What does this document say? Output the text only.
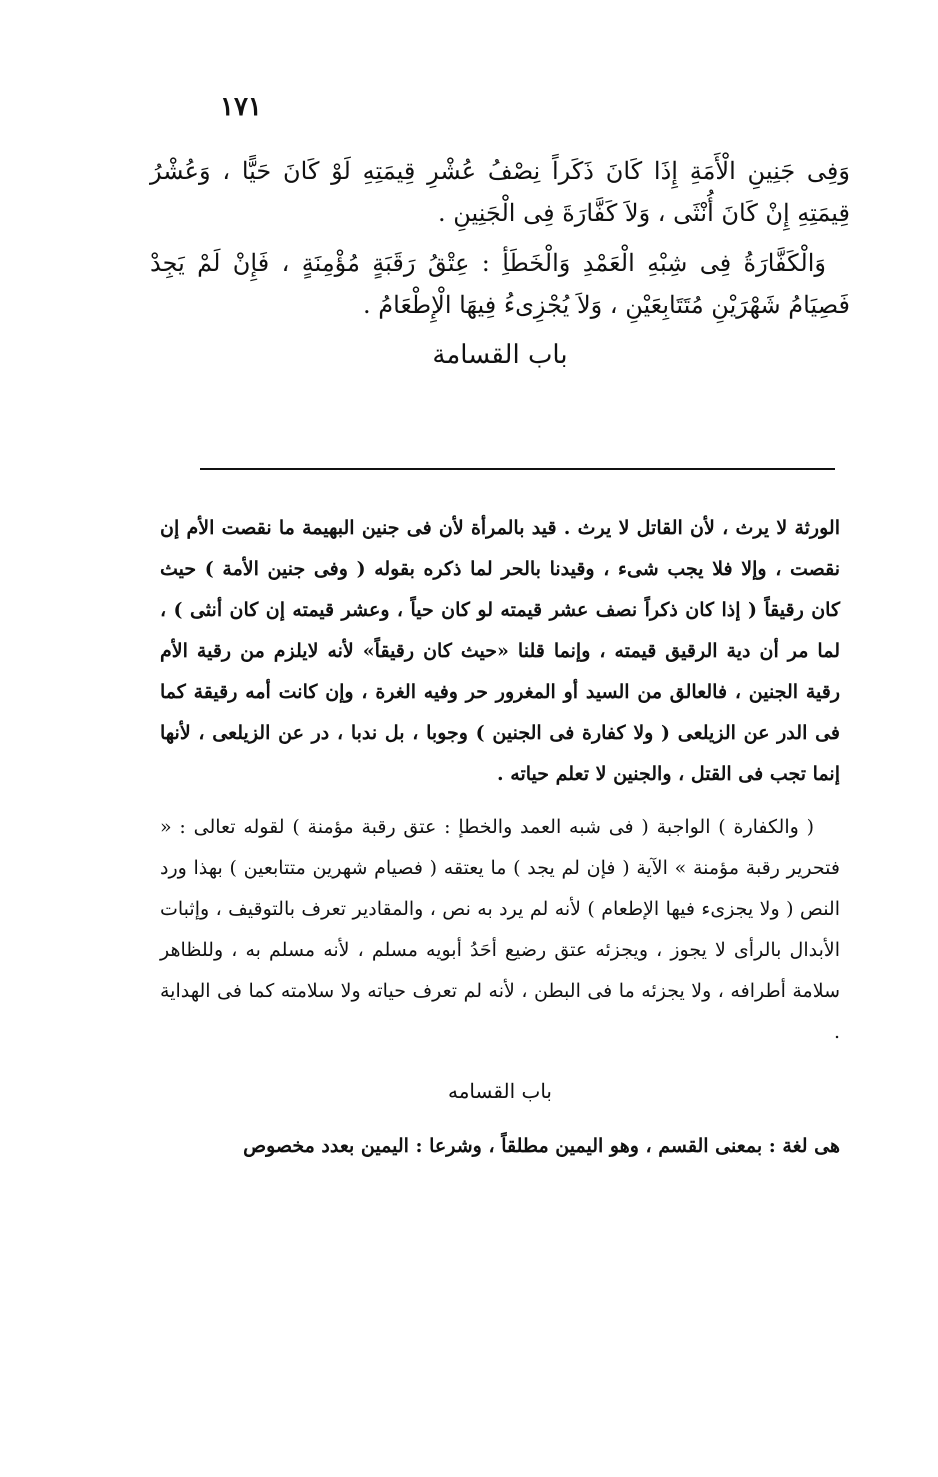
١٧١

وَفِى جَنِينِ الْأَمَةِ إِذَا كَانَ ذَكَراً نِصْفُ عُشْرِ قِيمَتِهِ لَوْ كَانَ حَيًّا ، وَعُشْرُ قِيمَتِهِ إِنْ كَانَ أُنْثَى ، وَلاَ كَفَّارَةَ فِى الْجَنِينِ .

وَالْكَفَّارَةُ فِى شِبْهِ الْعَمْدِ وَالْخَطَأِ : عِتْقُ رَقَبَةٍ مُؤْمِنَةٍ ، فَإِنْ لَمْ يَجِدْ فَصِيَامُ شَهْرَيْنِ مُتَتَابِعَيْنِ ، وَلاَ يُجْزِىءُ فِيهَا الْإِطْعَامُ .

باب القسامة

الورثة لا يرث ، لأن القاتل لا يرث . قيد بالمرأة لأن فى جنين البهيمة ما نقصت الأم إن نقصت ، وإلا فلا يجب شىء ، وقيدنا بالحر لما ذكره بقوله ( وفى جنين الأمة ) حيث كان رقيقاً ( إذا كان ذكراً نصف عشر قيمته لو كان حياً ، وعشر قيمته إن كان أنثى ) ، لما مر أن دية الرقيق قيمته ، وإنما قلنا «حيث كان رقيقاً» لأنه لايلزم من رقية الأم رقية الجنين ، فالعالق من السيد أو المغرور حر وفيه الغرة ، وإن كانت أمه رقيقة كما فى الدر عن الزيلعى ( ولا كفارة فى الجنين ) وجوبا ، بل ندبا ، در عن الزيلعى ، لأنها إنما تجب فى القتل ، والجنين لا تعلم حياته .

( والكفارة ) الواجبة ( فى شبه العمد والخطإ : عتق رقبة مؤمنة ) لقوله تعالى : « فتحرير رقبة مؤمنة » الآية ( فإن لم يجد ) ما يعتقه ( فصيام شهرين متتابعين ) بهذا ورد النص ( ولا يجزىء فيها الإطعام ) لأنه لم يرد به نص ، والمقادير تعرف بالتوقيف ، وإثبات الأبدال بالرأى لا يجوز ، ويجزئه عتق رضيع أحَدُ أبويه مسلم ، لأنه مسلم به ، وللظاهر سلامة أطرافه ، ولا يجزئه ما فى البطن ، لأنه لم تعرف حياته ولا سلامته كما فى الهداية .

باب القسامه

هى لغة : بمعنى القسم ، وهو اليمين مطلقاً ، وشرعا : اليمين بعدد مخصوص
